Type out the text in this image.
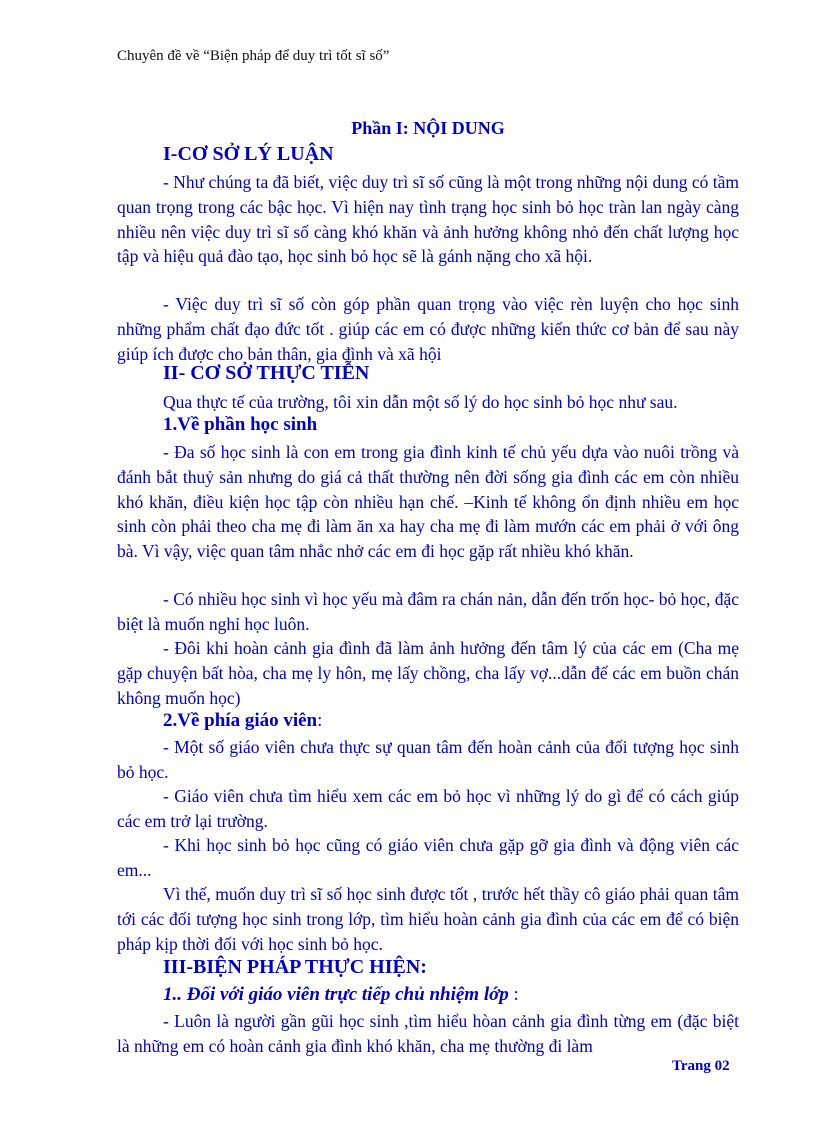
Chuyên đề về “Biện pháp để duy trì tốt sĩ số”
Phần I: NỘI DUNG
I-CƠ SỞ LÝ LUẬN

- Như chúng ta đã biết, việc duy trì sĩ số cũng là một trong những nội dung có tầm quan trọng trong các bậc học. Vì hiện nay tình trạng học sinh bỏ học tràn lan ngày càng nhiều nên việc duy trì sĩ số càng khó khăn và ảnh hưởng không nhỏ đến chất lượng học tập và hiệu quả đào tạo, học sinh bỏ học sẽ là gánh nặng cho xã hội.

- Việc duy trì sĩ số còn góp phần quan trọng vào việc rèn luyện cho học sinh những phẩm chất đạo đức tốt . giúp các em có được những kiến thức cơ bản để sau này giúp ích được cho bản thân, gia đình và xã hội

II- CƠ SỞ THỰC TIỄN

Qua thực tế của trường, tôi xin dẫn một số lý do học sinh bỏ học như sau.

1.Về phần học sinh

- Đa số học sinh là con em trong gia đình kinh tế chủ yếu dựa vào nuôi trồng và đánh bắt thuỷ sản nhưng do giá cả thất thường nên đời sống gia đình các em còn nhiều khó khăn, điều kiện học tập còn nhiều hạn chế. –Kinh tế không ổn định nhiều em học sinh còn phải theo cha mẹ đi làm ăn xa hay cha mẹ đi làm mướn các em phải ở với ông bà. Vì vậy, việc quan tâm nhắc nhở các em đi học gặp rất nhiều khó khăn.

- Có nhiều học sinh vì học yếu mà đâm ra chán nản, dẫn đến trốn học- bỏ học, đặc biệt là muốn nghỉ học luôn.

- Đôi khi hoàn cảnh gia đình đã làm ảnh hưởng đến tâm lý của các em (Cha mẹ gặp chuyện bất hòa, cha mẹ ly hôn, mẹ lấy chồng, cha lấy vợ...dẫn đế các em buồn chán không muốn học)

2.Về phía giáo viên:

- Một số giáo viên chưa thực sự quan tâm đến hoàn cảnh của đối tượng học sinh bỏ học.

- Giáo viên chưa tìm hiểu xem các em bỏ học vì những lý do gì để có cách giúp các em trở lại trường.

- Khi học sinh bỏ học cũng có giáo viên chưa gặp gỡ gia đình và động viên các em...

Vì thế, muốn duy trì sĩ số học sinh được tốt , trước hết thầy cô giáo phải quan tâm tới các đối tượng học sinh trong lớp, tìm hiểu hoàn cảnh gia đình của các em để có biện pháp kịp thời đối với học sinh bỏ học.

III-BIỆN PHÁP THỰC HIỆN:
1.. Đối với giáo viên trực tiếp chủ nhiệm lớp :

- Luôn là người gần gũi học sinh ,tìm hiểu hòan cảnh gia đình từng em (đặc biệt là những em có hoàn cảnh gia đình khó khăn, cha mẹ thường đi làm

Trang 02
